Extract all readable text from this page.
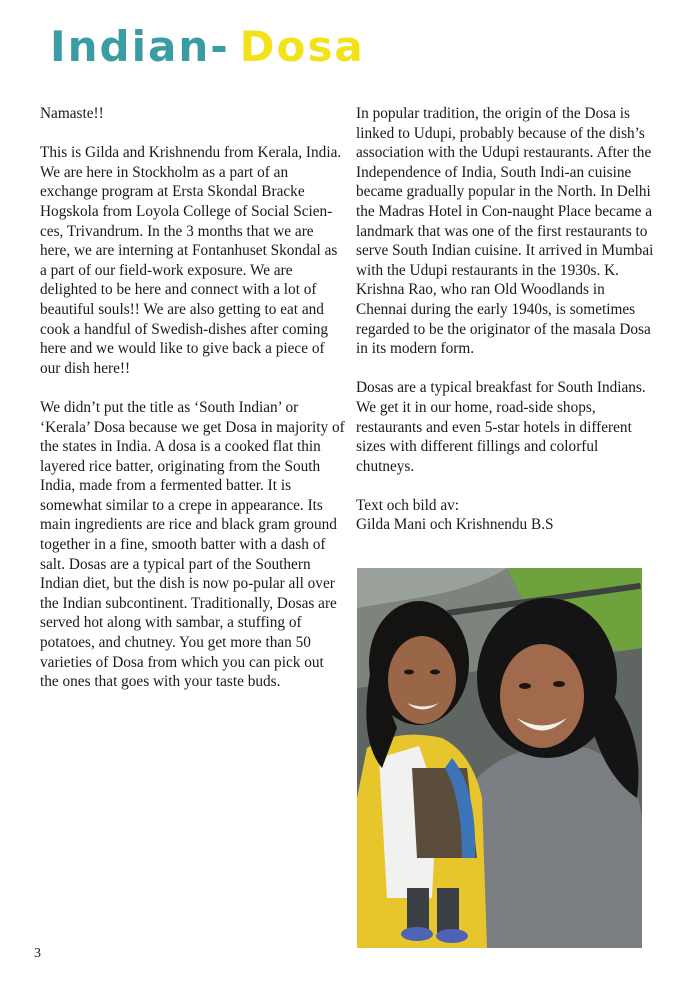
Indian- Dosa

Namaste!!

This is Gilda and Krishnendu from Kerala, India. We are here in Stockholm as a part of an exchange program at Ersta Skondal Bracke Hogskola from Loyola College of Social Scien-ces, Trivandrum. In the 3 months that we are here, we are interning at Fontanhuset Skondal as a part of our field-work exposure. We are delighted to be here and connect with a lot of beautiful souls!! We are also getting to eat and cook a handful of Swedish-dishes after coming here and we would like to give back a piece of our dish here!!

We didn’t put the title as ‘South Indian’ or ‘Kerala’ Dosa because we get Dosa in majority of the states in India. A dosa is a cooked flat thin layered rice batter, originating from the South India, made from a fermented batter. It is somewhat similar to a crepe in appearance. Its main ingredients are rice and black gram ground together in a fine, smooth batter with a dash of salt. Dosas are a typical part of the Southern Indian diet, but the dish is now po-pular all over the Indian subcontinent. Traditionally, Dosas are served hot along with sambar, a stuffing of potatoes, and chutney. You get more than 50 varieties of Dosa from which you can pick out the ones that goes with your taste buds.

In popular tradition, the origin of the Dosa is linked to Udupi, probably because of the dish’s association with the Udupi restaurants. After the Independence of India, South Indi-an cuisine became gradually popular in the North. In Delhi the Madras Hotel in Con-naught Place became a landmark that was one of the first restaurants to serve South Indian cuisine. It arrived in Mumbai with the Udupi restaurants in the 1930s. K. Krishna Rao, who ran Old Woodlands in Chennai during the early 1940s, is sometimes regarded to be the originator of the masala Dosa in its modern form.

Dosas are a typical breakfast for South Indians. We get it in our home, road-side shops, restaurants and even 5-star hotels in different sizes with different fillings and colorful chutneys.

Text och bild av:

Gilda Mani och Krishnendu B.S

3
